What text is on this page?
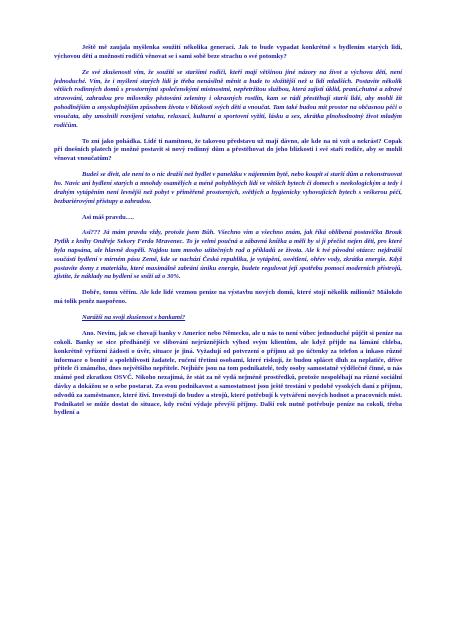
Ještě mě zaujala myšlenka soužití několika generací. Jak to bude vypadat konkrétně s bydlením starých lidí, výchovou dětí a možností rodičů věnovat se i sami sobě beze strachu o své potomky?

Ze své zkušenosti vím, že soužití se staršími rodiči, kteří mají většinou jiné názory na život a výchovu dětí, není jednoduché. Vím, že i myšlení starých lidí je třeba nenásilně měnit a bude to složitější než u lidí mladších. Postavíte několik větších rodinných domů s prostornými společenskými místnostmi, nepřetržitou službou, která zajistí úklid, praní,chutné a zdravé stravování, zahradou pro milovníky pěstování zeleniny i okrasných rostlin, kam se rádi přestěhují starší lidé, aby mohli žít pohodlnějším a smysluplnějším způsobem života v blízkosti svých dětí a vnoučat. Tam také budou mít prostor na občasnou péči o vnoučata, aby umožnili rozvíjení vztahu, relaxaci, kulturní a sportovní vyžití, lásku a sex, zkrátka plnohodnotný život mladým rodičům.

To zní jako pohádka. Lidé ti namítnou, že takovou představu už mají dávno, ale kde na ni vzít a nekrást? Copak při dnešních platech je možné postavit si nový rodinný dům a přestěhovat do jeho blízkosti i své staří rodiče, aby se mohli věnovat vnoučatům?

Budeš se divit, ale není to o nic dražší než bydlet v paneláku v nájemním bytě, nebo koupit si starší dům a rekonstruovat ho. Navíc ani bydlení starých a mnohdy osamělých a méně pohyblivých lidí ve větších bytech či domech s neekologickým a tedy i drahým vytápěním není levnější než pobyt v přiměřeně prostorných, světlých a hygienicky vyhovujících bytech s veškerou péčí, bezbariérovými přístupy a zahradou.

Asi máš pravdu….

Asi??? Já mám pravdu vždy, protože jsem Bůh. Všechno vím a všechno znám, jak říká oblíbená postavička Brouk Pytlík z knihy Ondřeje Sekory Ferda Mravenec. To je velmi poučná a zábavná knížka a měli by si ji přečíst nejen děti, pro které byla napsána, ale hlavně dospělí. Najdou tam mnoho užitečných rad a příkladů ze života. Ale k tvé původní otázce: nejdražší součástí bydlení v mírném pásu Země, kde se nachází Česká republika, je vytápění, osvětlení, ohřev vody, zkrátka energie. Když postavíte domy z materiálu, které maximálně zabrání úniku energie, budete regulovat její spotřebu pomocí moderních přístrojů, zjistíte, že náklady na bydlení se sníží až o 30%.

Dobře, tomu věřím. Ale kde lidé vezmou peníze na výstavbu nových domů, které stojí několik milionů? Málokdo má tolik peněz naspořeno.

Narážíš na svoji zkušenost s bankami?

Ano. Nevím, jak se chovají banky v Americe nebo Německu, ale u nás to není vůbec jednoduché půjčit si peníze na cokoli. Banky se sice předhánějí ve slibování nejrůznějších výhod svým klientům, ale když přijde na lámání chleba, konkrétně vyřízení žádosti o úvěr, situace je jiná. Vyžadují od potvrzení o příjmu až po účtenky za telefon a inkaso různé informace o bonitě a spolehlivosti žadatele, ručení třetími osobami, které riskují, že budou splácet dluh za neplatiče, dřive přítele či známého, dnes největšího nepřítele. Nejhůře jsou na tom podnikatelé, tedy osoby samostatně výdělečně činné, u nás známé pod zkratkou OSVČ. Nikoho nezajímá, že stát za ně vydá nejméně prostředků, protože nespoléhají na různé sociální dávky a dokážou se o sebe postarat. Za svou podnikavost a samostatnost jsou ještě trestáni v podobě vysokých daní z příjmu, odvodů za zaměstnance, které živí. Investují do budov a strojů, které potřebují k vytváření nových hodnot a pracovních míst. Podnikatel se může dostat do situace, kdy roční výdaje převýší příjmy. Další rok nutně potřebuje peníze na cokoli, třeba bydlení a
